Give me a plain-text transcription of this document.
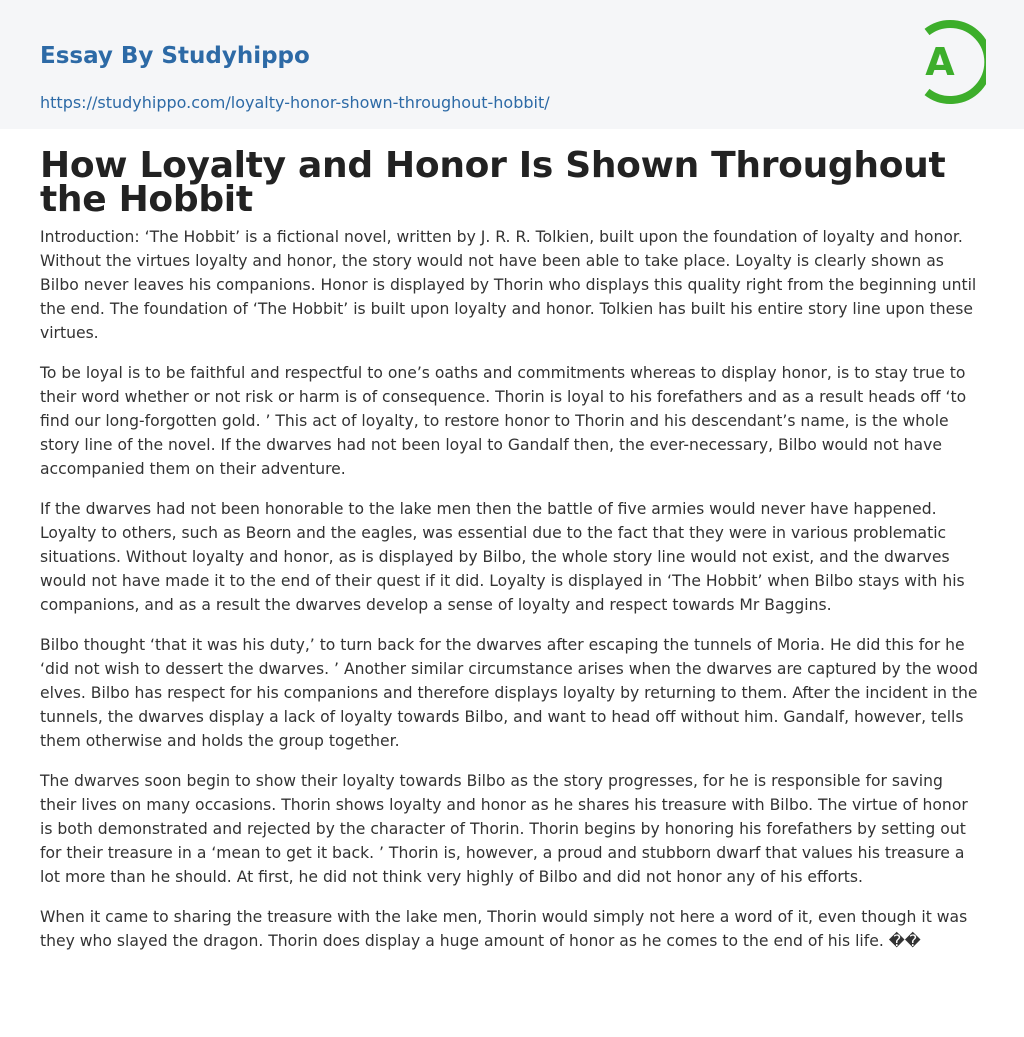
Essay By Studyhippo
https://studyhippo.com/loyalty-honor-shown-throughout-hobbit/
A
How Loyalty and Honor Is Shown Throughout the Hobbit

Introduction: ‘The Hobbit’ is a fictional novel, written by J. R. R. Tolkien, built upon the foundation of loyalty and honor. Without the virtues loyalty and honor, the story would not have been able to take place. Loyalty is clearly shown as Bilbo never leaves his companions. Honor is displayed by Thorin who displays this quality right from the beginning until the end. The foundation of ‘The Hobbit’ is built upon loyalty and honor. Tolkien has built his entire story line upon these virtues.

To be loyal is to be faithful and respectful to one’s oaths and commitments whereas to display honor, is to stay true to their word whether or not risk or harm is of consequence. Thorin is loyal to his forefathers and as a result heads off ‘to find our long-forgotten gold. ’ This act of loyalty, to restore honor to Thorin and his descendant’s name, is the whole story line of the novel. If the dwarves had not been loyal to Gandalf then, the ever-necessary, Bilbo would not have accompanied them on their adventure.

If the dwarves had not been honorable to the lake men then the battle of five armies would never have happened. Loyalty to others, such as Beorn and the eagles, was essential due to the fact that they were in various problematic situations. Without loyalty and honor, as is displayed by Bilbo, the whole story line would not exist, and the dwarves would not have made it to the end of their quest if it did. Loyalty is displayed in ‘The Hobbit’ when Bilbo stays with his companions, and as a result the dwarves develop a sense of loyalty and respect towards Mr Baggins.

Bilbo thought ‘that it was his duty,’ to turn back for the dwarves after escaping the tunnels of Moria. He did this for he ‘did not wish to dessert the dwarves. ’ Another similar circumstance arises when the dwarves are captured by the wood elves. Bilbo has respect for his companions and therefore displays loyalty by returning to them. After the incident in the tunnels, the dwarves display a lack of loyalty towards Bilbo, and want to head off without him. Gandalf, however, tells them otherwise and holds the group together.

The dwarves soon begin to show their loyalty towards Bilbo as the story progresses, for he is responsible for saving their lives on many occasions. Thorin shows loyalty and honor as he shares his treasure with Bilbo. The virtue of honor is both demonstrated and rejected by the character of Thorin. Thorin begins by honoring his forefathers by setting out for their treasure in a ‘mean to get it back. ’ Thorin is, however, a proud and stubborn dwarf that values his treasure a lot more than he should. At first, he did not think very highly of Bilbo and did not honor any of his efforts.

When it came to sharing the treasure with the lake men, Thorin would simply not here a word of it, even though it was they who slayed the dragon. Thorin does display a huge amount of honor as he comes to the end of his life. ��
